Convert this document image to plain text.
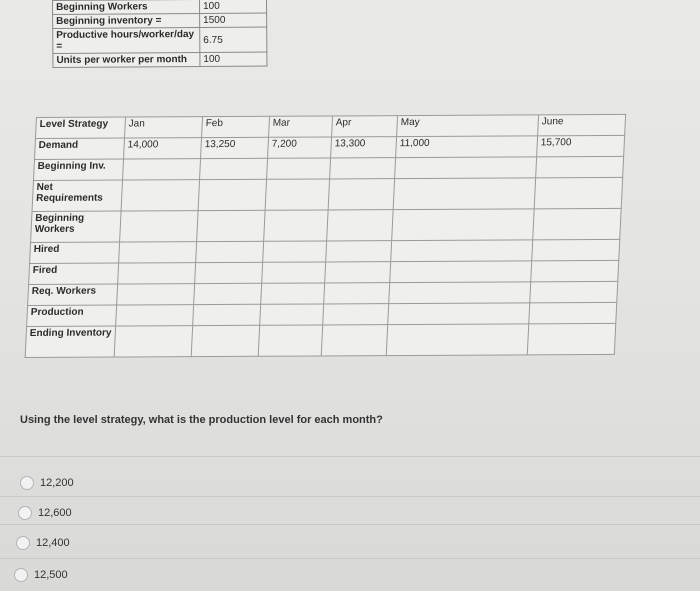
Beginning Workers	100
Beginning inventory =	1500
Productive hours/worker/day =	6.75
Units per worker per month	100
Level Strategy	Jan	Feb	Mar	Apr	May	June
Demand	14,000	13,250	7,200	13,300	11,000	15,700
Beginning Inv.						
Net Requirements						
Beginning Workers						
Hired						
Fired						
Req. Workers						
Production						
Ending Inventory						
Using the level strategy, what is the production level for each month?
12,200
12,600
12,400
12,500
